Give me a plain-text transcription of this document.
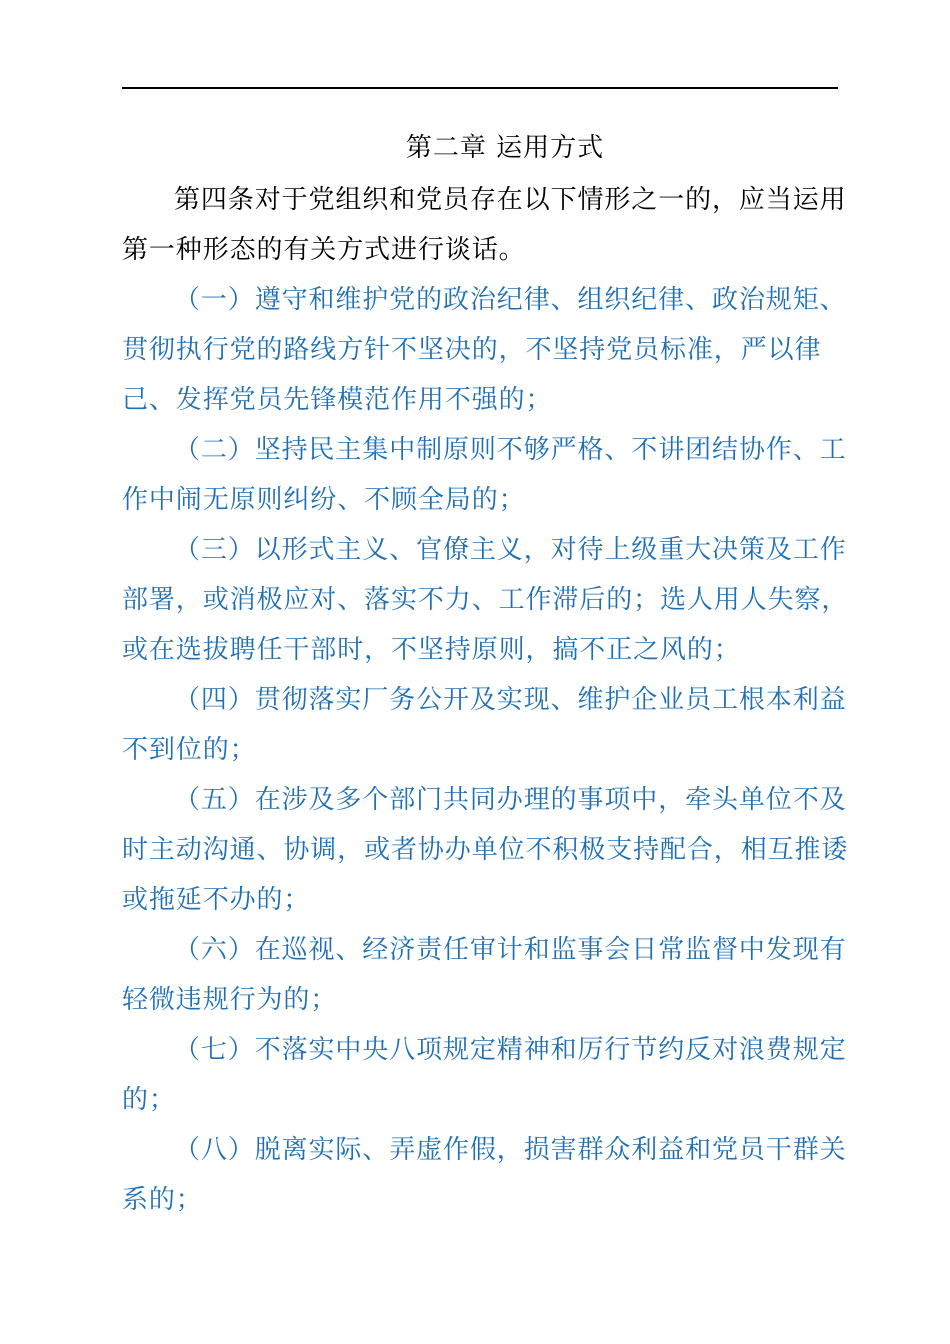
第二章 运用方式

第四条对于党组织和党员存在以下情形之一的，应当运用第一种形态的有关方式进行谈话。

（一）遵守和维护党的政治纪律、组织纪律、政治规矩、贯彻执行党的路线方针不坚决的，不坚持党员标准，严以律己、发挥党员先锋模范作用不强的；

（二）坚持民主集中制原则不够严格、不讲团结协作、工作中闹无原则纠纷、不顾全局的；

（三）以形式主义、官僚主义，对待上级重大决策及工作部署，或消极应对、落实不力、工作滞后的；选人用人失察，或在选拔聘任干部时，不坚持原则，搞不正之风的；

（四）贯彻落实厂务公开及实现、维护企业员工根本利益不到位的；

（五）在涉及多个部门共同办理的事项中，牵头单位不及时主动沟通、协调，或者协办单位不积极支持配合，相互推诿或拖延不办的；

（六）在巡视、经济责任审计和监事会日常监督中发现有轻微违规行为的；

（七）不落实中央八项规定精神和厉行节约反对浪费规定的；

（八）脱离实际、弄虚作假，损害群众利益和党员干群关系的；
